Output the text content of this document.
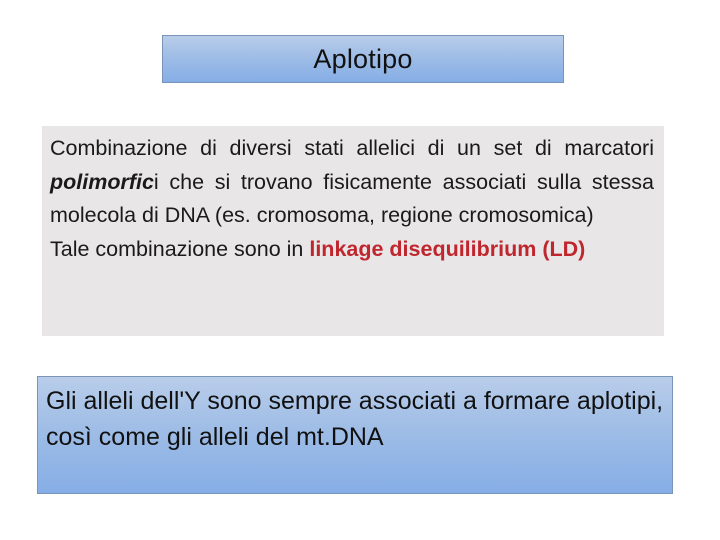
Aplotipo

Combinazione di diversi stati allelici di un set di marcatori polimorfici che si trovano fisicamente associati sulla stessa molecola di DNA (es. cromosoma, regione cromosomica)

Tale combinazione sono in linkage disequilibrium (LD)

Gli alleli dell'Y sono sempre associati a formare aplotipi, così come gli alleli del mt.DNA
